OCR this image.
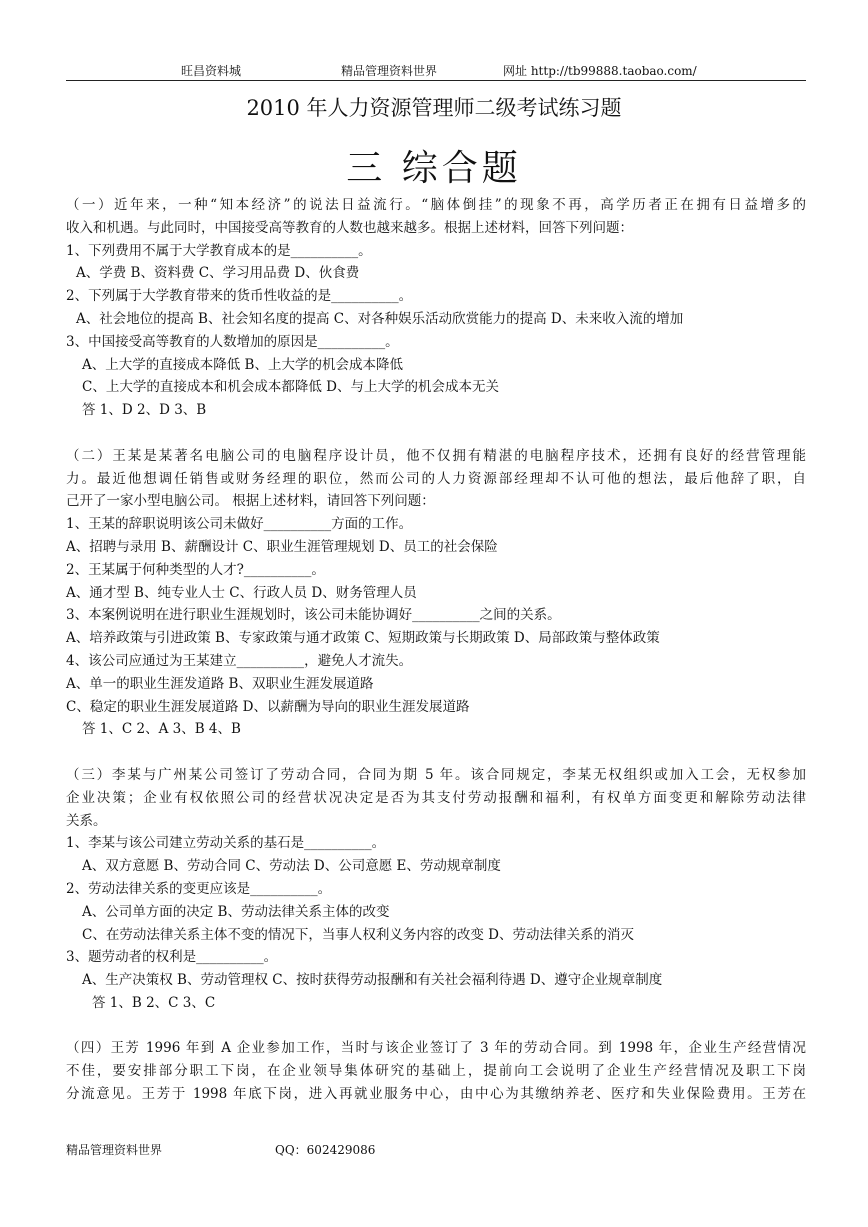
旺昌资料城	精品管理资料世界	网址 http://tb99888.taobao.com/
2010 年人力资源管理师二级考试练习题
三 综合题
（一）近年来，一种“知本经济”的说法日益流行。“脑体倒挂”的现象不再，高学历者正在拥有日益增多的
收入和机遇。与此同时，中国接受高等教育的人数也越来越多。根据上述材料，回答下列问题：
1、下列费用不属于大学教育成本的是__________。
A、学费 B、资料费 C、学习用品费 D、伙食费
2、下列属于大学教育带来的货币性收益的是__________。
A、社会地位的提高 B、社会知名度的提高 C、对各种娱乐活动欣赏能力的提高 D、未来收入流的增加
3、中国接受高等教育的人数增加的原因是__________。
A、上大学的直接成本降低 B、上大学的机会成本降低
C、上大学的直接成本和机会成本都降低 D、与上大学的机会成本无关
答 1、D 2、D 3、B
（二）王某是某著名电脑公司的电脑程序设计员，他不仅拥有精湛的电脑程序技术，还拥有良好的经营管理能
力。最近他想调任销售或财务经理的职位，然而公司的人力资源部经理却不认可他的想法，最后他辞了职，自
己开了一家小型电脑公司。 根据上述材料，请回答下列问题：
1、王某的辞职说明该公司未做好__________方面的工作。
A、招聘与录用 B、薪酬设计 C、职业生涯管理规划 D、员工的社会保险
2、王某属于何种类型的人才?__________。
A、通才型 B、纯专业人士 C、行政人员 D、财务管理人员
3、本案例说明在进行职业生涯规划时，该公司未能协调好__________之间的关系。
A、培养政策与引进政策 B、专家政策与通才政策 C、短期政策与长期政策 D、局部政策与整体政策
4、该公司应通过为王某建立__________，避免人才流失。
A、单一的职业生涯发道路 B、双职业生涯发展道路
C、稳定的职业生涯发展道路 D、以薪酬为导向的职业生涯发展道路
答 1、C 2、A 3、B 4、B
（三）李某与广州某公司签订了劳动合同，合同为期 5 年。该合同规定，李某无权组织或加入工会，无权参加
企业决策；企业有权依照公司的经营状况决定是否为其支付劳动报酬和福利，有权单方面变更和解除劳动法律
关系。
1、李某与该公司建立劳动关系的基石是__________。
A、双方意愿 B、劳动合同 C、劳动法 D、公司意愿 E、劳动规章制度
2、劳动法律关系的变更应该是__________。
A、公司单方面的决定 B、劳动法律关系主体的改变
C、在劳动法律关系主体不变的情况下，当事人权利义务内容的改变 D、劳动法律关系的消灭
3、题劳动者的权利是__________。
A、生产决策权 B、劳动管理权 C、按时获得劳动报酬和有关社会福利待遇 D、遵守企业规章制度
答 1、B 2、C 3、C
（四）王芳 1996 年到 A 企业参加工作，当时与该企业签订了 3 年的劳动合同。到 1998 年，企业生产经营情况
不佳，要安排部分职工下岗，在企业领导集体研究的基础上，提前向工会说明了企业生产经营情况及职工下岗
分流意见。王芳于 1998 年底下岗，进入再就业服务中心，由中心为其缴纳养老、医疗和失业保险费用。王芳在
精品管理资料世界	QQ：602429086
